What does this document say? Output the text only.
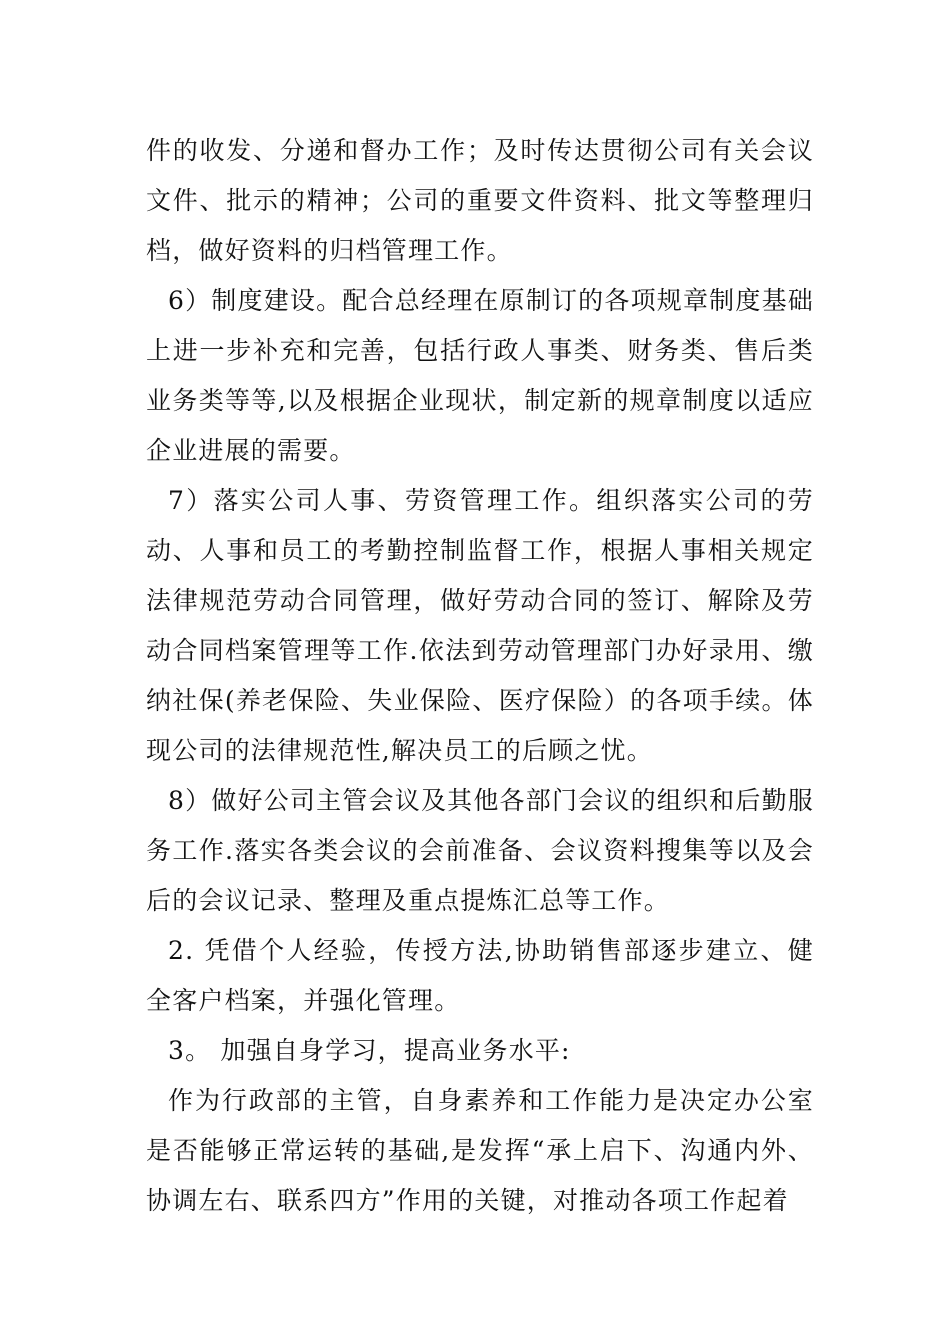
件的收发、分递和督办工作；及时传达贯彻公司有关会议文件、批示的精神；公司的重要文件资料、批文等整理归档，做好资料的归档管理工作。

6）制度建设。配合总经理在原制订的各项规章制度基础上进一步补充和完善，包括行政人事类、财务类、售后类业务类等等,以及根据企业现状，制定新的规章制度以适应企业进展的需要。

7）落实公司人事、劳资管理工作。组织落实公司的劳动、人事和员工的考勤控制监督工作，根据人事相关规定法律规范劳动合同管理，做好劳动合同的签订、解除及劳动合同档案管理等工作.依法到劳动管理部门办好录用、缴纳社保(养老保险、失业保险、医疗保险）的各项手续。体现公司的法律规范性,解决员工的后顾之忧。

8）做好公司主管会议及其他各部门会议的组织和后勤服务工作.落实各类会议的会前准备、会议资料搜集等以及会后的会议记录、整理及重点提炼汇总等工作。

2. 凭借个人经验，传授方法,协助销售部逐步建立、健全客户档案，并强化管理。

3。 加强自身学习，提高业务水平:

作为行政部的主管，自身素养和工作能力是决定办公室是否能够正常运转的基础,是发挥“承上启下、沟通内外、协调左右、联系四方”作用的关键，对推动各项工作起着
